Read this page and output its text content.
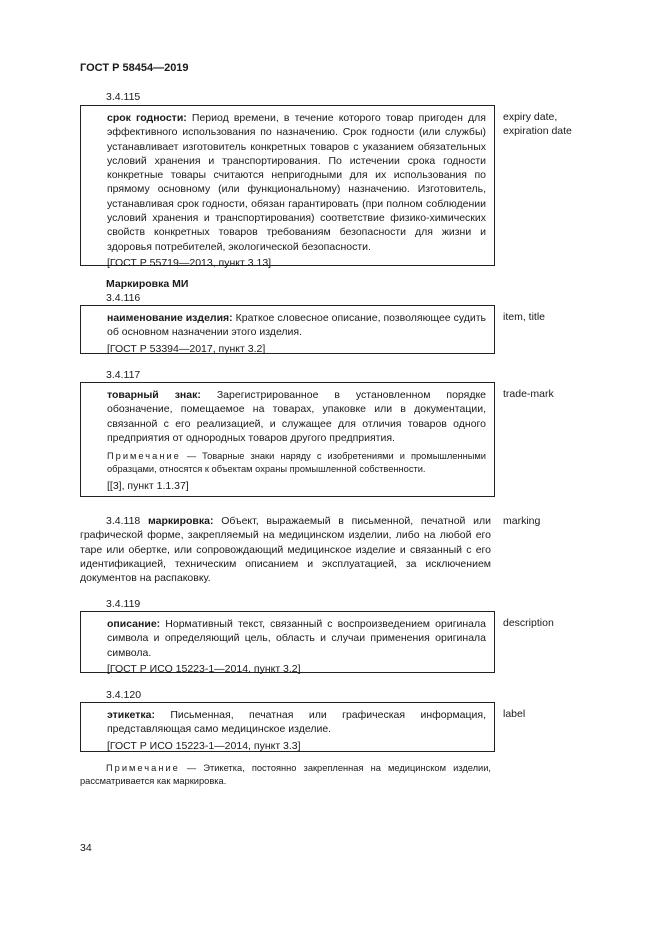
ГОСТ Р 58454—2019
3.4.115

срок годности: Период времени, в течение которого товар пригоден для эффективного использования по назначению. Срок годности (или службы) устанавливает изготовитель конкретных товаров с указанием обязательных условий хранения и транспортирования. По истечении срока годности конкретные товары считаются непригодными для их использования по прямому основному (или функциональному) назначению. Изготовитель, устанавливая срок годности, обязан гарантировать (при полном соблюдении условий хранения и транспортирования) соответствие физико-химических свойств конкретных товаров требованиям безопасности для жизни и здоровья потребителей, экологической безопасности.

[ГОСТ Р 55719—2013, пункт 3.13]
expiry date,
expiration date
Маркировка МИ
3.4.116

наименование изделия: Краткое словесное описание, позволяющее судить об основном назначении этого изделия.

[ГОСТ Р 53394—2017, пункт 3.2]
item, title
3.4.117

товарный знак: Зарегистрированное в установленном порядке обозначение, помещаемое на товарах, упаковке или в документации, связанной с его реализацией, и служащее для отличия товаров одного предприятия от однородных товаров другого предприятия.

Примечание — Товарные знаки наряду с изобретениями и промышленными образцами, относятся к объектам охраны промышленной собственности.

[[3], пункт 1.1.37]
trade-mark
3.4.118 маркировка: Объект, выражаемый в письменной, печатной или графической форме, закрепляемый на медицинском изделии, либо на любой его таре или обертке, или сопровождающий медицинское изделие и связанный с его идентификацией, техническим описанием и эксплуатацией, за исключением документов на распаковку.
marking
3.4.119

описание: Нормативный текст, связанный с воспроизведением оригинала символа и определяющий цель, область и случаи применения оригинала символа.

[ГОСТ Р ИСО 15223-1—2014, пункт 3.2]
description
3.4.120

этикетка: Письменная, печатная или графическая информация, представляющая само медицинское изделие.

[ГОСТ Р ИСО 15223-1—2014, пункт 3.3]
label
Примечание — Этикетка, постоянно закрепленная на медицинском изделии, рассматривается как маркировка.
34
